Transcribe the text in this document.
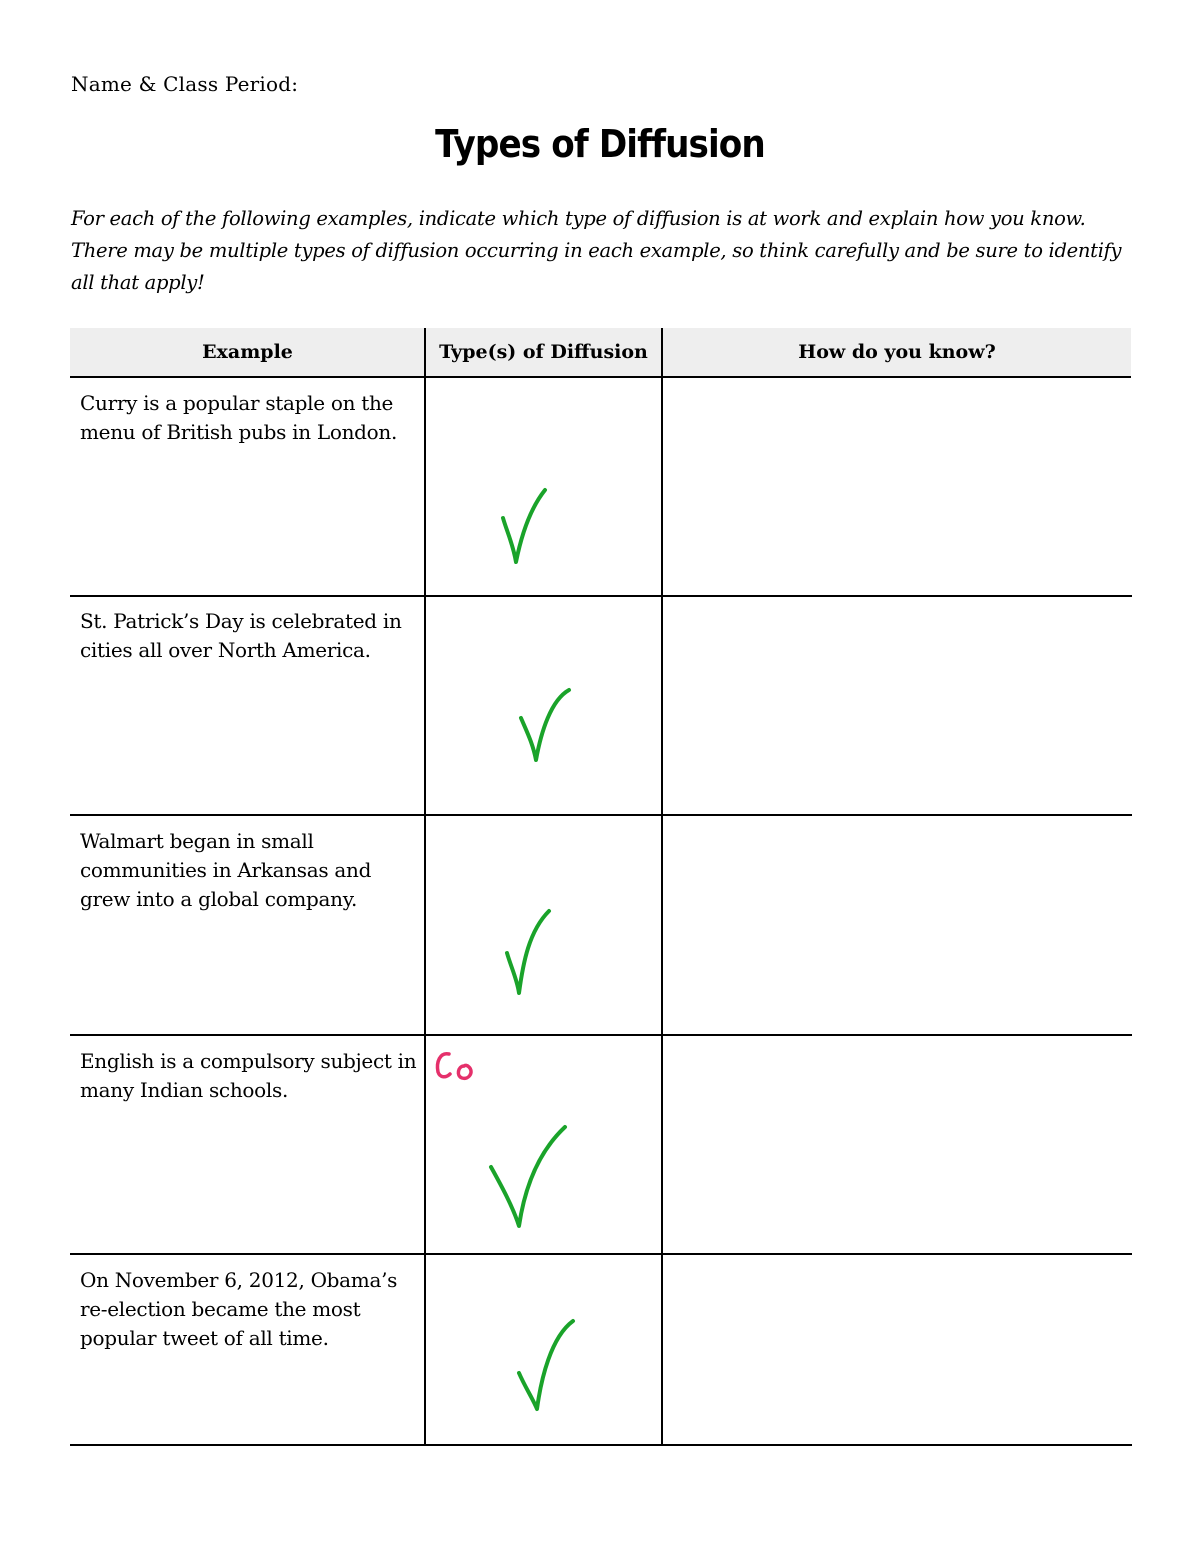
Name & Class Period:
Types of Diffusion
For each of the following examples, indicate which type of diffusion is at work and explain how you know. There may be multiple types of diffusion occurring in each example, so think carefully and be sure to identify all that apply!
Example	Type(s) of Diffusion	How do you know?
Curry is a popular staple on the menu of British pubs in London.
St. Patrick’s Day is celebrated in cities all over North America.
Walmart began in small communities in Arkansas and grew into a global company.
English is a compulsory subject in many Indian schools.
On November 6, 2012, Obama’s re-election became the most popular tweet of all time.
